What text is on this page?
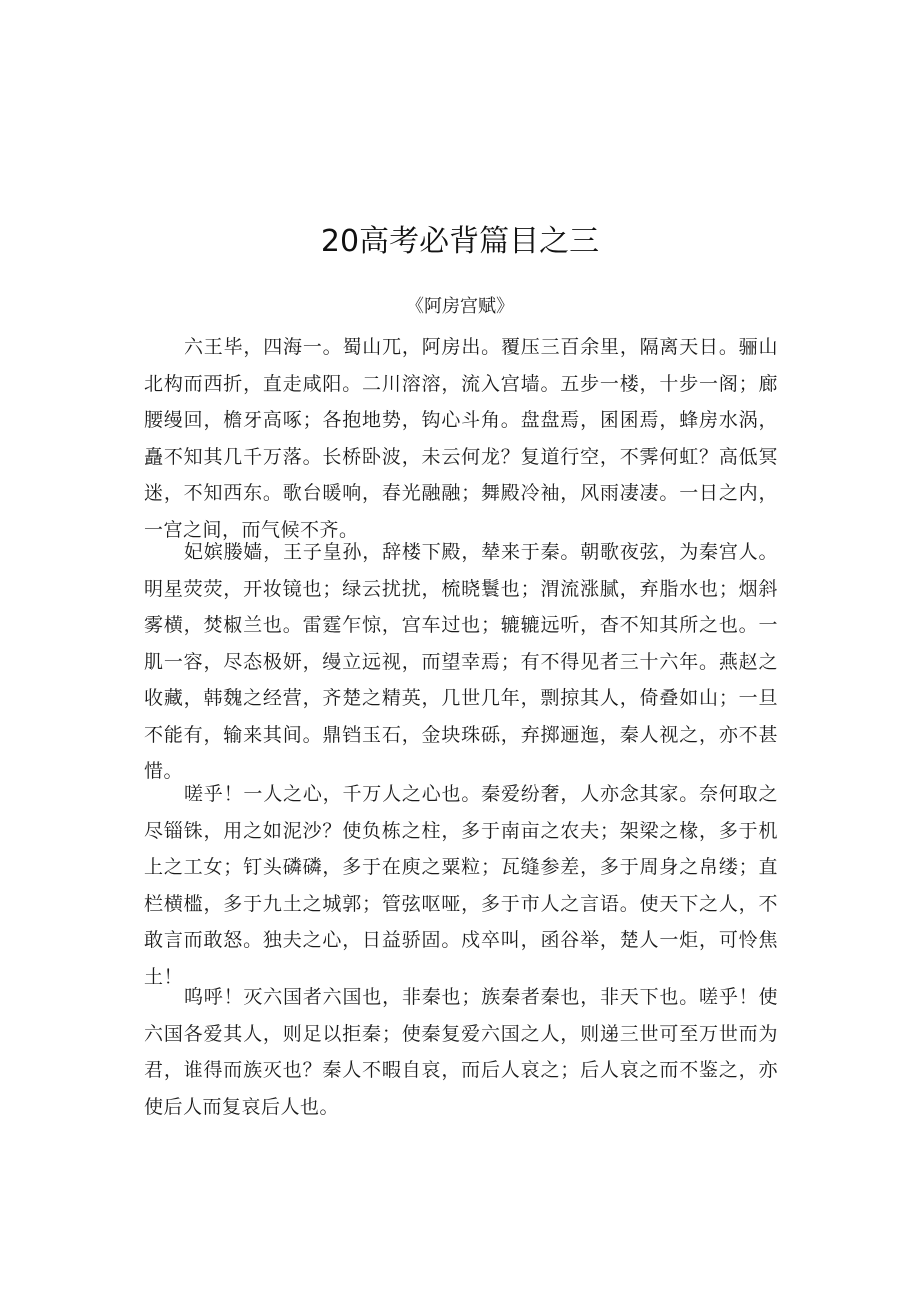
20高考必背篇目之三
《阿房宫赋》

六王毕，四海一。蜀山兀，阿房出。覆压三百余里，隔离天日。骊山北构而西折，直走咸阳。二川溶溶，流入宫墙。五步一楼，十步一阁；廊腰缦回，檐牙高啄；各抱地势，钩心斗角。盘盘焉，囷囷焉，蜂房水涡，矗不知其几千万落。长桥卧波，未云何龙？复道行空，不霁何虹？高低冥迷，不知西东。歌台暖响，春光融融；舞殿冷袖，风雨凄凄。一日之内，一宫之间，而气候不齐。

妃嫔媵嫱，王子皇孙，辞楼下殿，辇来于秦。朝歌夜弦，为秦宫人。明星荧荧，开妆镜也；绿云扰扰，梳晓鬟也；渭流涨腻，弃脂水也；烟斜雾横，焚椒兰也。雷霆乍惊，宫车过也；辘辘远听，杳不知其所之也。一肌一容，尽态极妍，缦立远视，而望幸焉；有不得见者三十六年。燕赵之收藏，韩魏之经营，齐楚之精英，几世几年，剽掠其人，倚叠如山；一旦不能有，输来其间。鼎铛玉石，金块珠砾，弃掷逦迤，秦人视之，亦不甚惜。

嗟乎！一人之心，千万人之心也。秦爱纷奢，人亦念其家。奈何取之尽锱铢，用之如泥沙？使负栋之柱，多于南亩之农夫；架梁之椽，多于机上之工女；钉头磷磷，多于在庾之粟粒；瓦缝参差，多于周身之帛缕；直栏横槛，多于九土之城郭；管弦呕哑，多于市人之言语。使天下之人，不敢言而敢怒。独夫之心，日益骄固。戍卒叫，函谷举，楚人一炬，可怜焦土！

呜呼！灭六国者六国也，非秦也；族秦者秦也，非天下也。嗟乎！使六国各爱其人，则足以拒秦；使秦复爱六国之人，则递三世可至万世而为君，谁得而族灭也？秦人不暇自哀，而后人哀之；后人哀之而不鉴之，亦使后人而复哀后人也。
